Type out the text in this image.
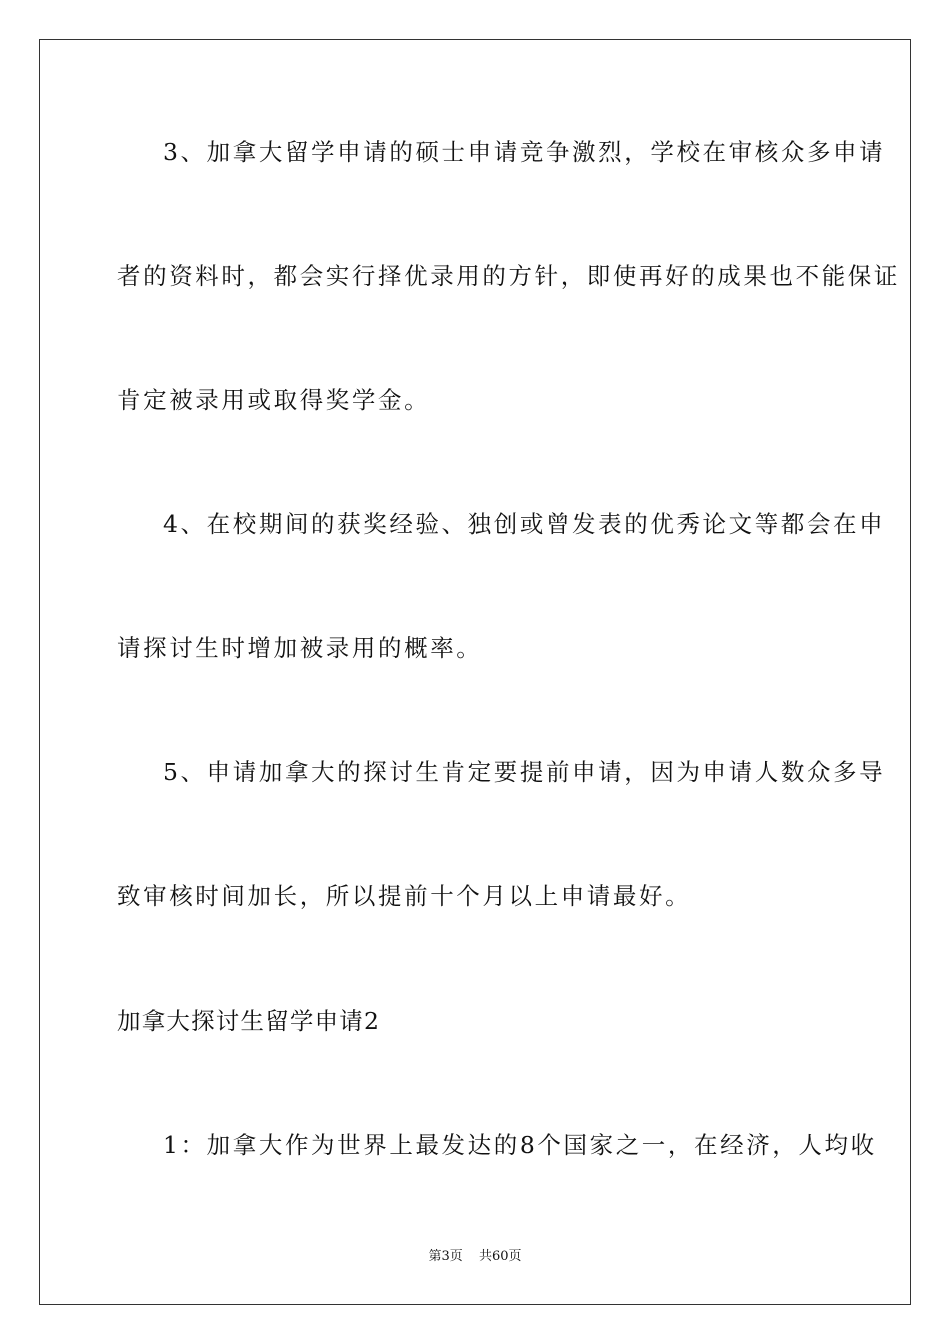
3、加拿大留学申请的硕士申请竞争激烈，学校在审核众多申请
者的资料时，都会实行择优录用的方针，即使再好的成果也不能保证
肯定被录用或取得奖学金。
4、在校期间的获奖经验、独创或曾发表的优秀论文等都会在申
请探讨生时增加被录用的概率。
5、申请加拿大的探讨生肯定要提前申请，因为申请人数众多导
致审核时间加长，所以提前十个月以上申请最好。
加拿大探讨生留学申请2
1：加拿大作为世界上最发达的8个国家之一，在经济，人均收
第3页 共60页
